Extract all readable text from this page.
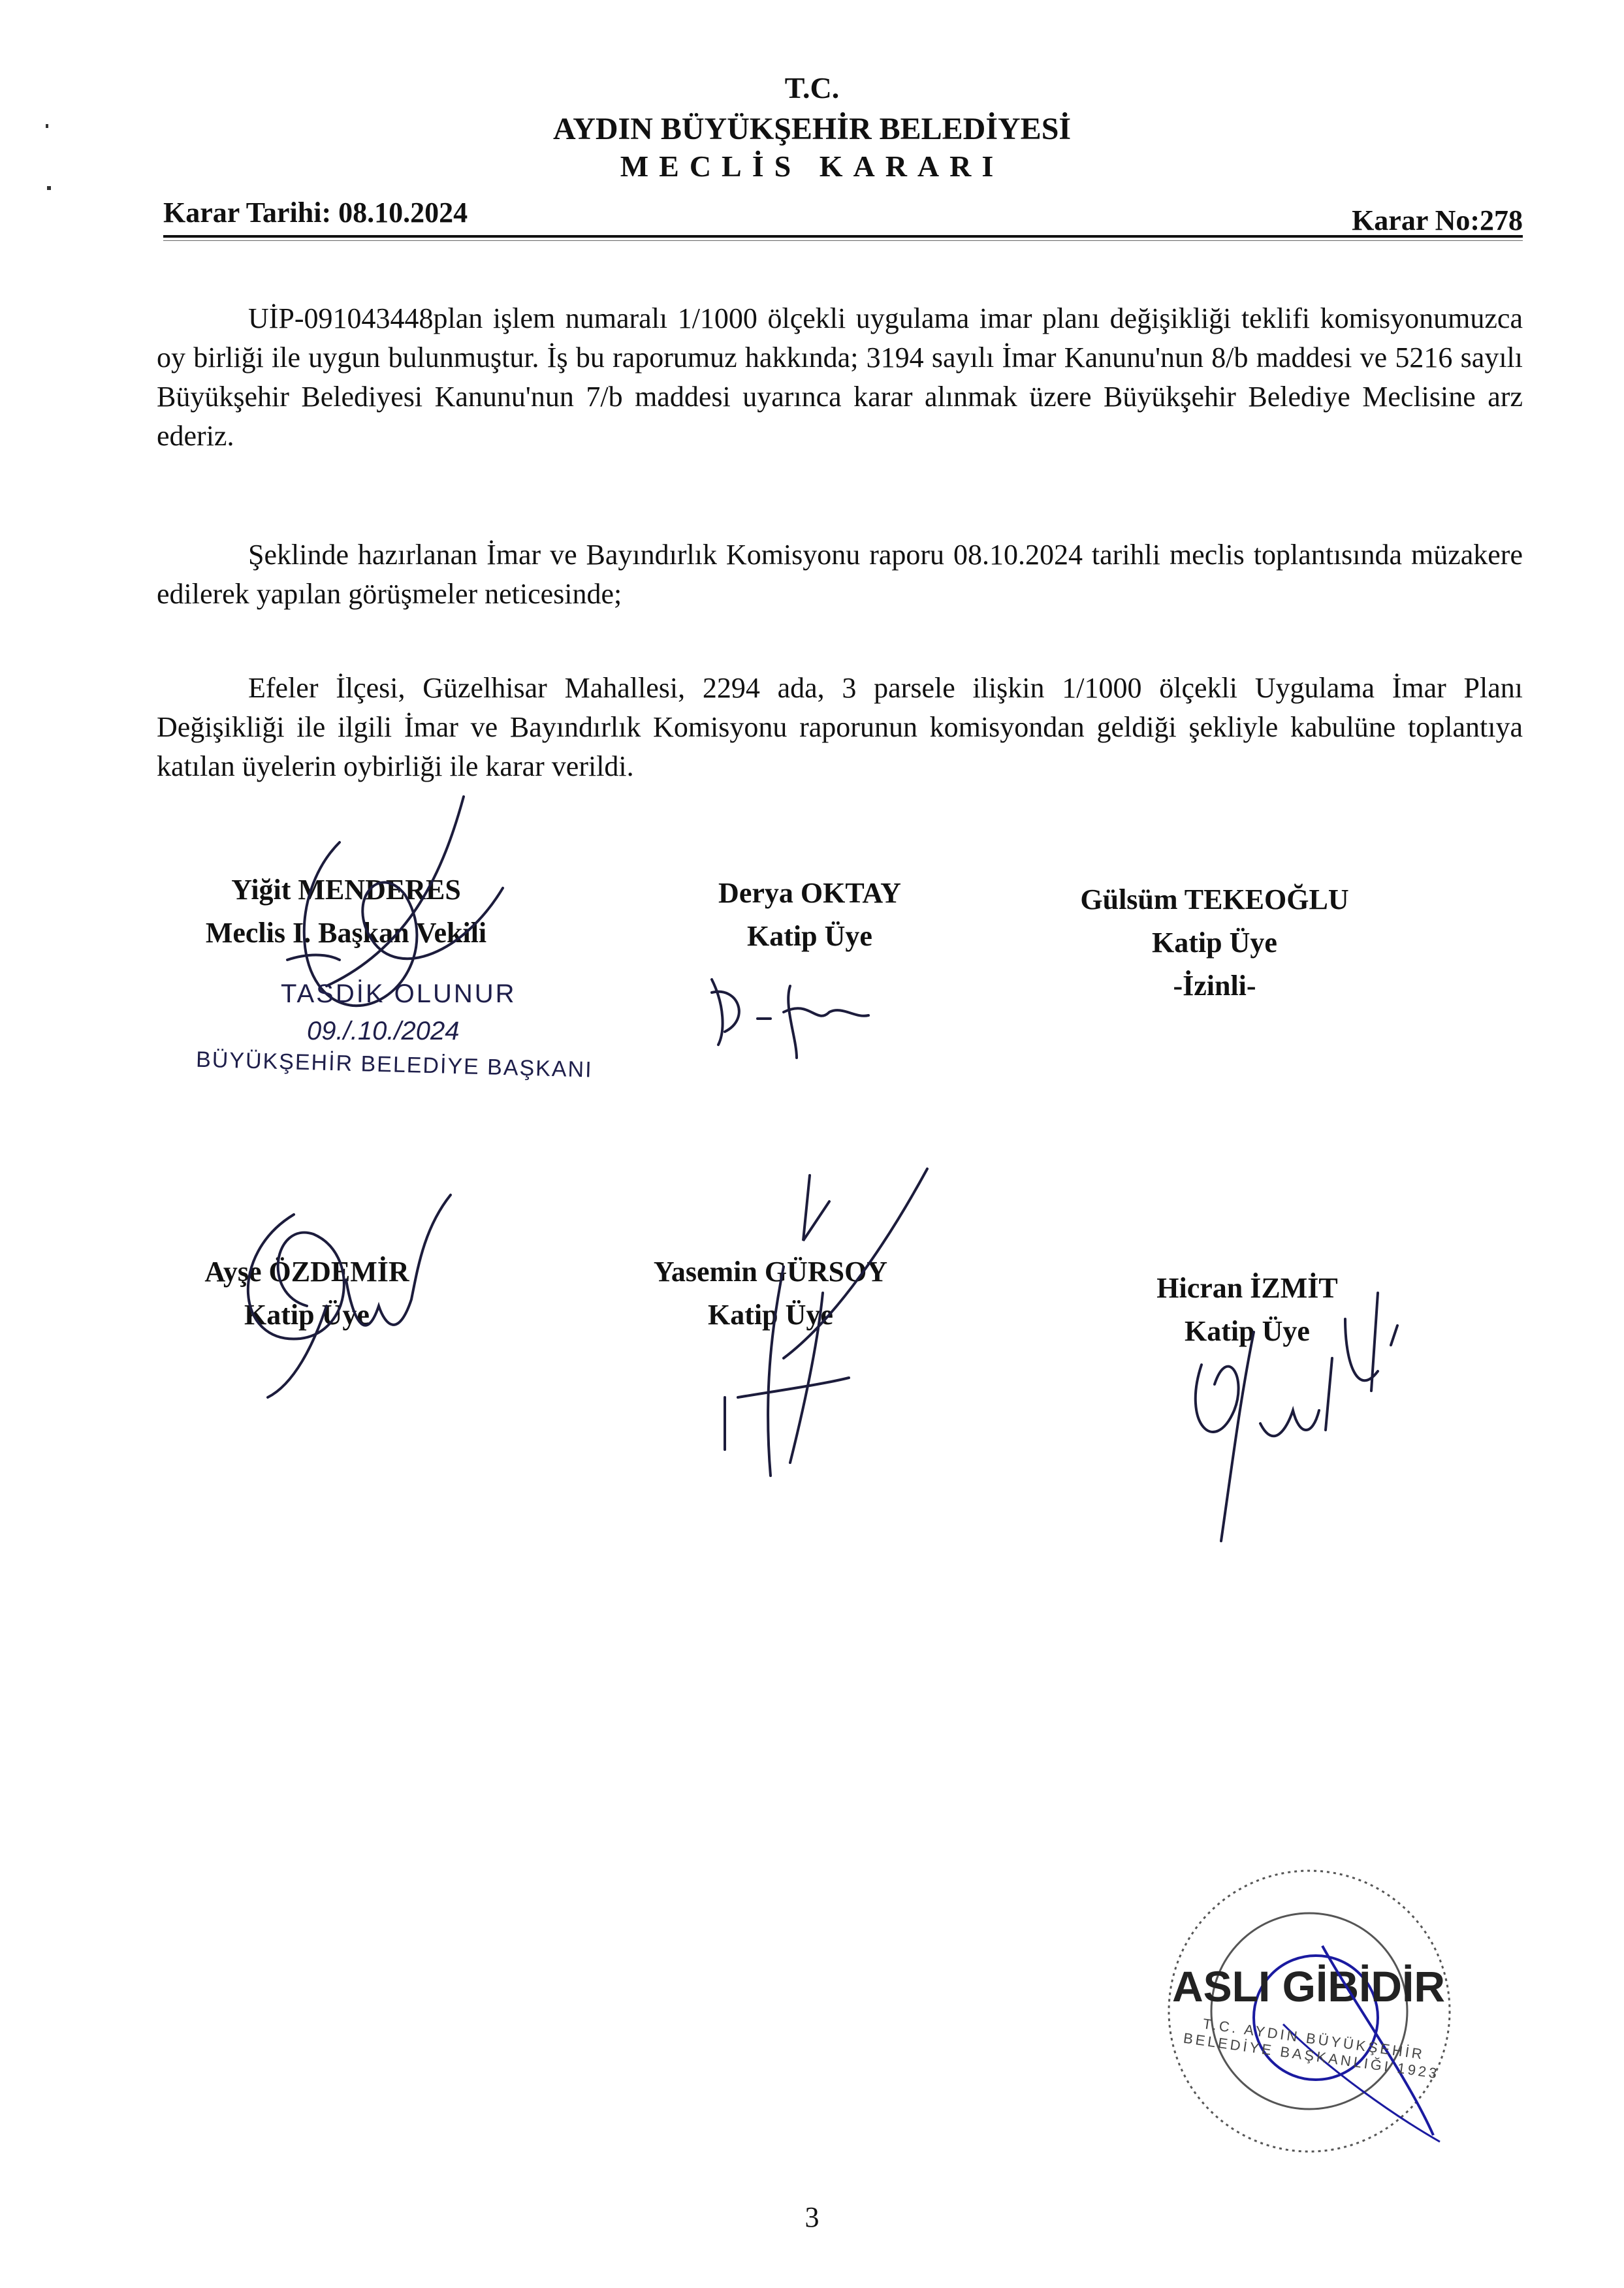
T.C.
AYDIN BÜYÜKŞEHİR BELEDİYESİ
MECLİS KARARI
Karar Tarihi: 08.10.2024	Karar No:278
UİP-091043448plan işlem numaralı 1/1000 ölçekli uygulama imar planı değişikliği teklifi komisyonumuzca oy birliği ile uygun bulunmuştur. İş bu raporumuz hakkında; 3194 sayılı İmar Kanunu'nun 8/b maddesi ve 5216 sayılı Büyükşehir Belediyesi Kanunu'nun 7/b maddesi uyarınca karar alınmak üzere Büyükşehir Belediye Meclisine arz ederiz.
Şeklinde hazırlanan İmar ve Bayındırlık Komisyonu raporu 08.10.2024 tarihli meclis toplantısında müzakere edilerek yapılan görüşmeler neticesinde;
Efeler İlçesi, Güzelhisar Mahallesi, 2294 ada, 3 parsele ilişkin 1/1000 ölçekli Uygulama İmar Planı Değişikliği ile ilgili İmar ve Bayındırlık Komisyonu raporunun komisyondan geldiği şekliyle kabulüne toplantıya katılan üyelerin oybirliği ile karar verildi.
Yiğit MENDERES
Meclis I. Başkan Vekili
TASDİK OLUNUR
09./.10./2024
BÜYÜKŞEHİR BELEDİYE BAŞKANI
Derya OKTAY
Katip Üye
Gülsüm TEKEOĞLU
Katip Üye
-İzinli-
Ayşe ÖZDEMİR
Katip Üye
Yasemin GÜRSOY
Katip Üye
Hicran İZMİT
Katip Üye
ASLI GİBİDİR
T.C. AYDIN BÜYÜKŞEHİR BELEDİYE BAŞKANLIĞI 1923
3
